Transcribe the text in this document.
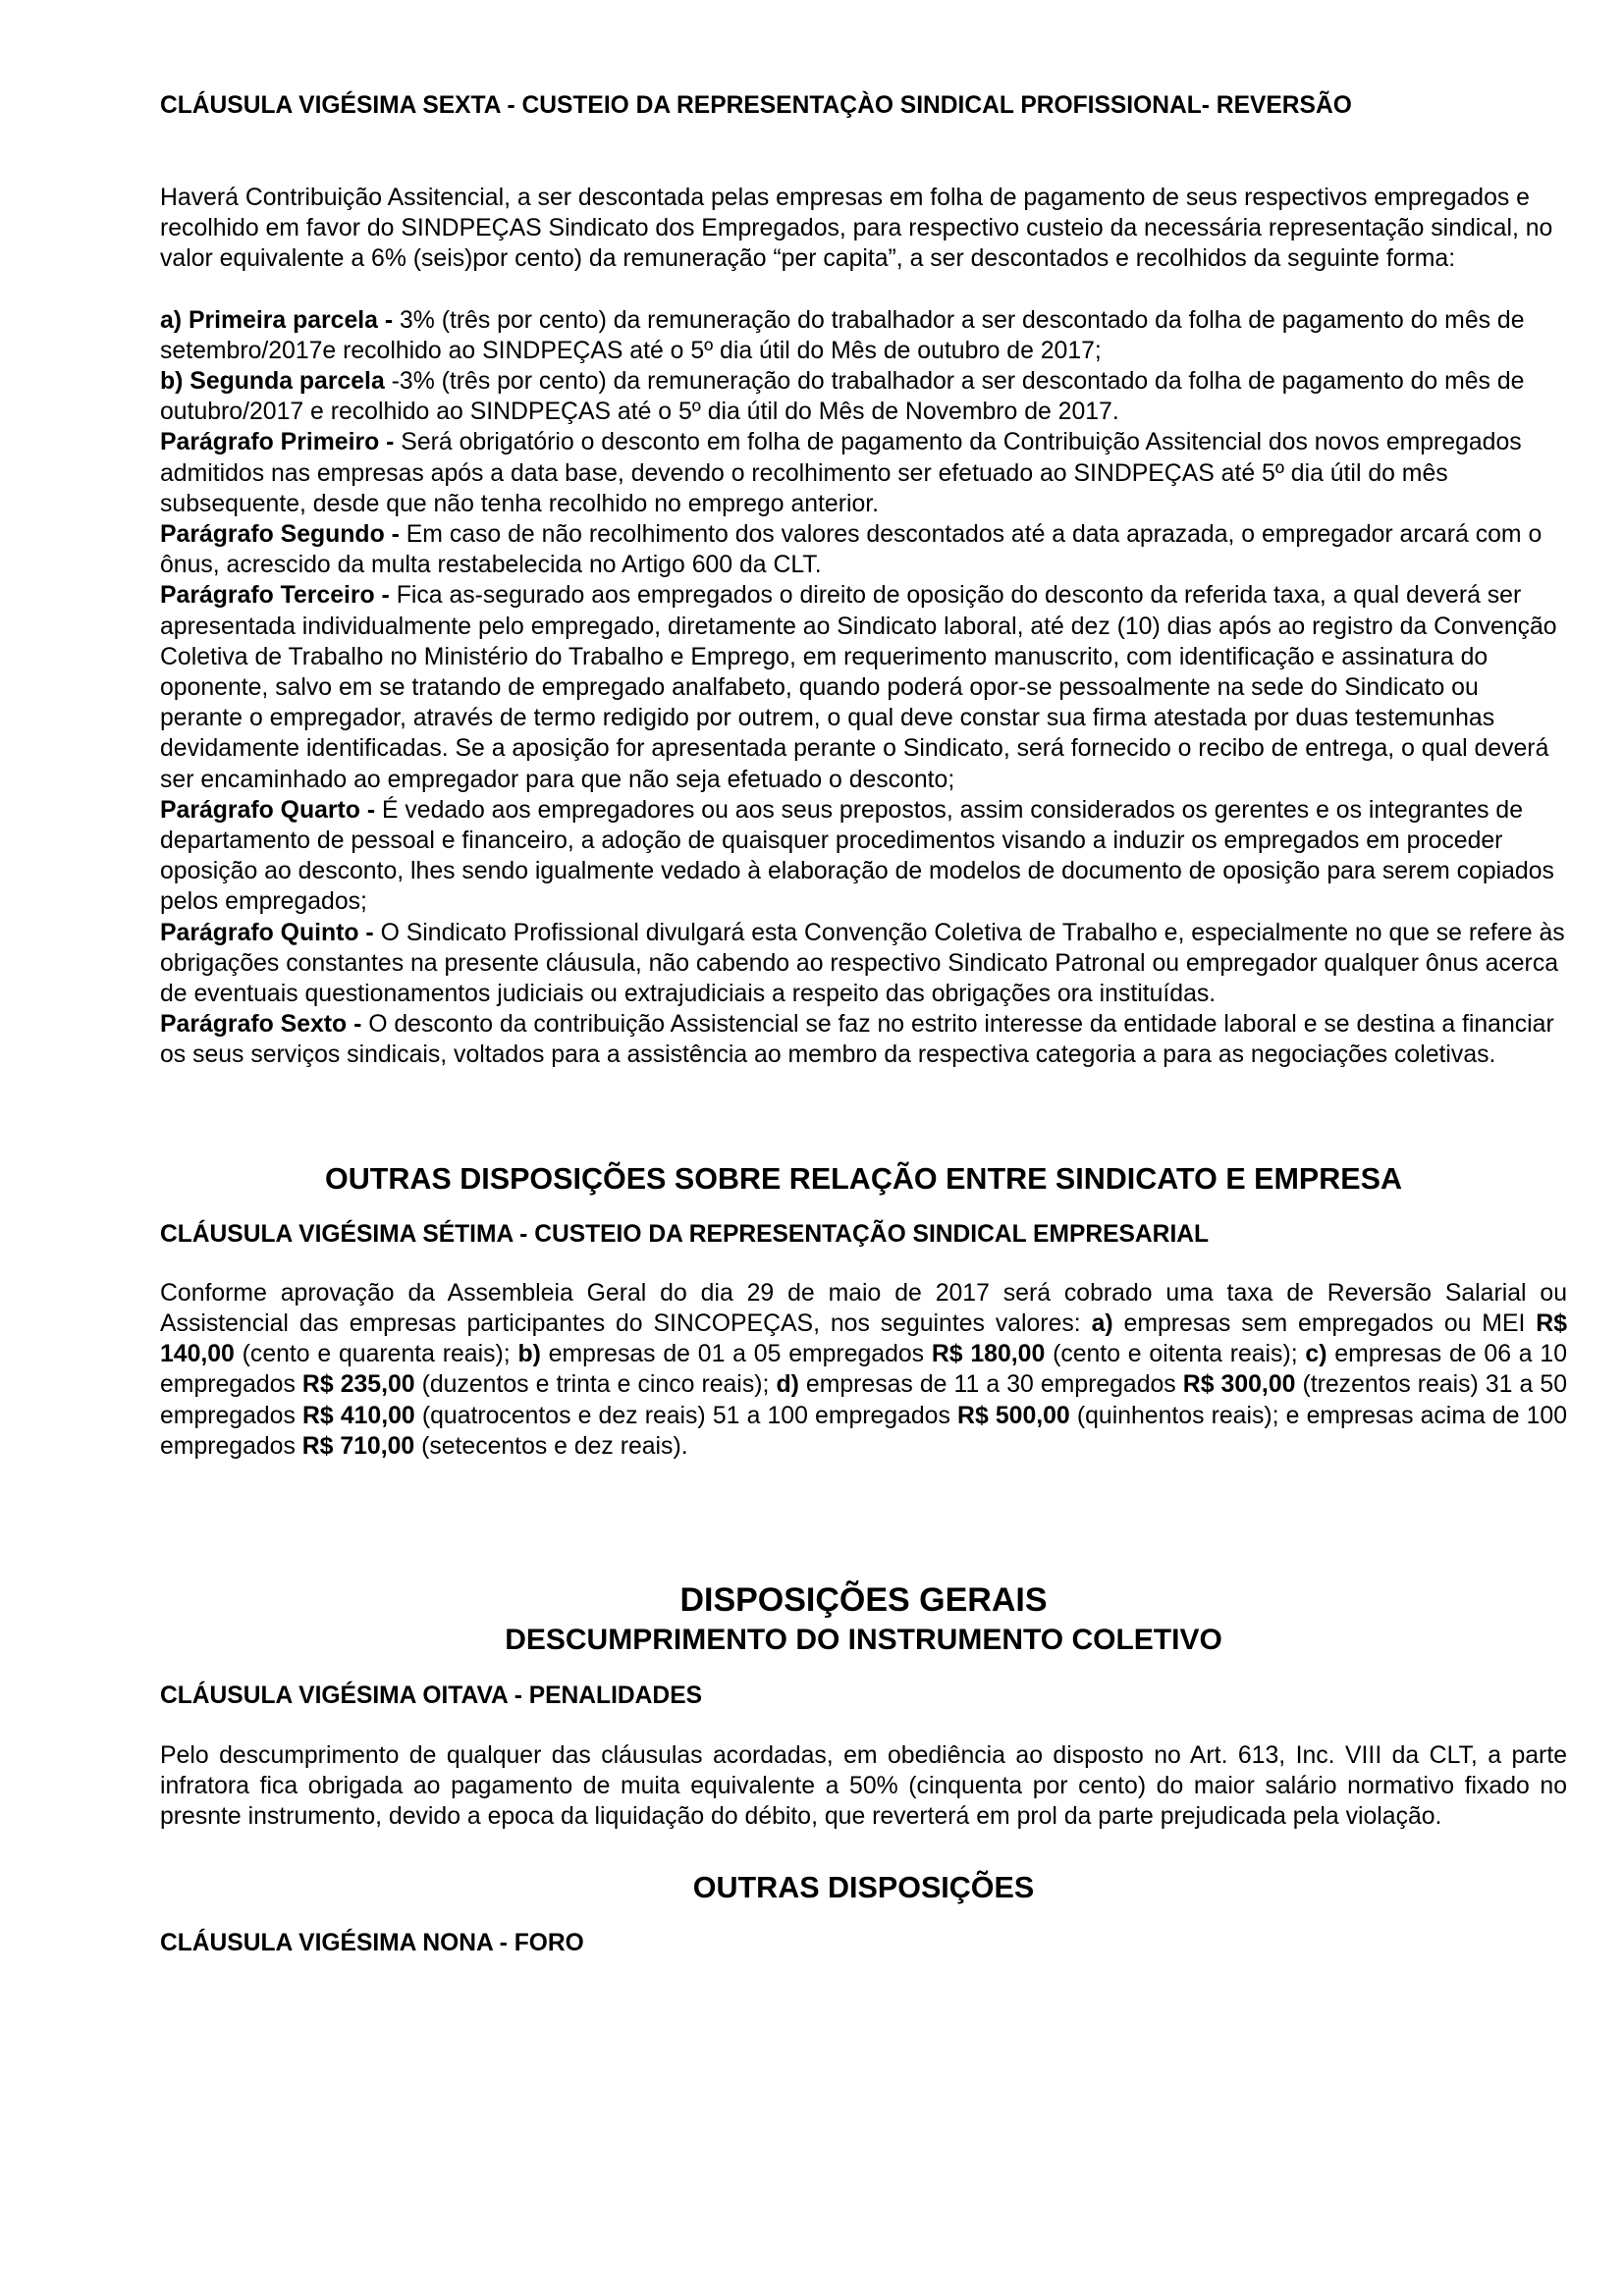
CLÁUSULA VIGÉSIMA SEXTA - CUSTEIO DA REPRESENTAÇÀO SINDICAL PROFISSIONAL- REVERSÃO

Haverá Contribuição Assitencial, a ser descontada pelas empresas em folha de pagamento de seus respectivos empregados e recolhido em favor do SINDPEÇAS Sindicato dos Empregados, para respectivo custeio da necessária representação sindical, no valor equivalente a 6% (seis)por cento) da remuneração “per capita”, a ser descontados e recolhidos da seguinte forma:

a) Primeira parcela - 3% (três por cento) da remuneração do trabalhador a ser descontado da folha de pagamento do mês de setembro/2017e recolhido ao SINDPEÇAS até o 5º dia útil do Mês de outubro de 2017;

b) Segunda parcela -3% (três por cento) da remuneração do trabalhador a ser descontado da folha de pagamento do mês de outubro/2017 e recolhido ao SINDPEÇAS até o 5º dia útil do Mês de Novembro de 2017.

Parágrafo Primeiro - Será obrigatório o desconto em folha de pagamento da Contribuição Assitencial dos novos empregados admitidos nas empresas após a data base, devendo o recolhimento ser efetuado ao SINDPEÇAS até 5º dia útil do mês subsequente, desde que não tenha recolhido no emprego anterior.

Parágrafo Segundo - Em caso de não recolhimento dos valores descontados até a data aprazada, o empregador arcará com o ônus, acrescido da multa restabelecida no Artigo 600 da CLT.

Parágrafo Terceiro - Fica as-segurado aos empregados o direito de oposição do desconto da referida taxa, a qual deverá ser apresentada individualmente pelo empregado, diretamente ao Sindicato laboral, até dez (10) dias após ao registro da Convenção Coletiva de Trabalho no Ministério do Trabalho e Emprego, em requerimento manuscrito, com identificação e assinatura do oponente, salvo em se tratando de empregado analfabeto, quando poderá opor-se pessoalmente na sede do Sindicato ou perante o empregador, através de termo redigido por outrem, o qual deve constar sua firma atestada por duas testemunhas devidamente identificadas. Se a aposição for apresentada perante o Sindicato, será fornecido o recibo de entrega, o qual deverá ser encaminhado ao empregador para que não seja efetuado o desconto;

Parágrafo Quarto - É vedado aos empregadores ou aos seus prepostos, assim considerados os gerentes e os integrantes de departamento de pessoal e financeiro, a adoção de quaisquer procedimentos visando a induzir os empregados em proceder oposição ao desconto, lhes sendo igualmente vedado à elaboração de modelos de documento de oposição para serem copiados pelos empregados;

Parágrafo Quinto - O Sindicato Profissional divulgará esta Convenção Coletiva de Trabalho e, especialmente no que se refere às obrigações constantes na presente cláusula, não cabendo ao respectivo Sindicato Patronal ou empregador qualquer ônus acerca de eventuais questionamentos judiciais ou extrajudiciais a respeito das obrigações ora instituídas.

Parágrafo Sexto - O desconto da contribuição Assistencial se faz no estrito interesse da entidade laboral e se destina a financiar os seus serviços sindicais, voltados para a assistência ao membro da respectiva categoria a para as negociações coletivas.

OUTRAS DISPOSIÇÕES SOBRE RELAÇÃO ENTRE SINDICATO E EMPRESA

CLÁUSULA VIGÉSIMA SÉTIMA - CUSTEIO DA REPRESENTAÇÃO SINDICAL EMPRESARIAL

Conforme aprovação da Assembleia Geral do dia 29 de maio de 2017 será cobrado uma taxa de Reversão Salarial ou Assistencial das empresas participantes do SINCOPEÇAS, nos seguintes valores: a) empresas sem empregados ou MEI R$ 140,00 (cento e quarenta reais); b) empresas de 01 a 05 empregados R$ 180,00 (cento e oitenta reais); c) empresas de 06 a 10 empregados R$ 235,00 (duzentos e trinta e cinco reais); d) empresas de 11 a 30 empregados R$ 300,00 (trezentos reais) 31 a 50 empregados R$ 410,00 (quatrocentos e dez reais) 51 a 100 empregados R$ 500,00 (quinhentos reais); e empresas acima de 100 empregados R$ 710,00 (setecentos e dez reais).

DISPOSIÇÕES GERAIS
DESCUMPRIMENTO DO INSTRUMENTO COLETIVO

CLÁUSULA VIGÉSIMA OITAVA - PENALIDADES

Pelo descumprimento de qualquer das cláusulas acordadas, em obediência ao disposto no Art. 613, Inc. VIII da CLT, a parte infratora fica obrigada ao pagamento de muita equivalente a 50% (cinquenta por cento) do maior salário normativo fixado no presnte instrumento, devido a epoca da liquidação do débito, que reverterá em prol da parte prejudicada pela violação.

OUTRAS DISPOSIÇÕES

CLÁUSULA VIGÉSIMA NONA - FORO
